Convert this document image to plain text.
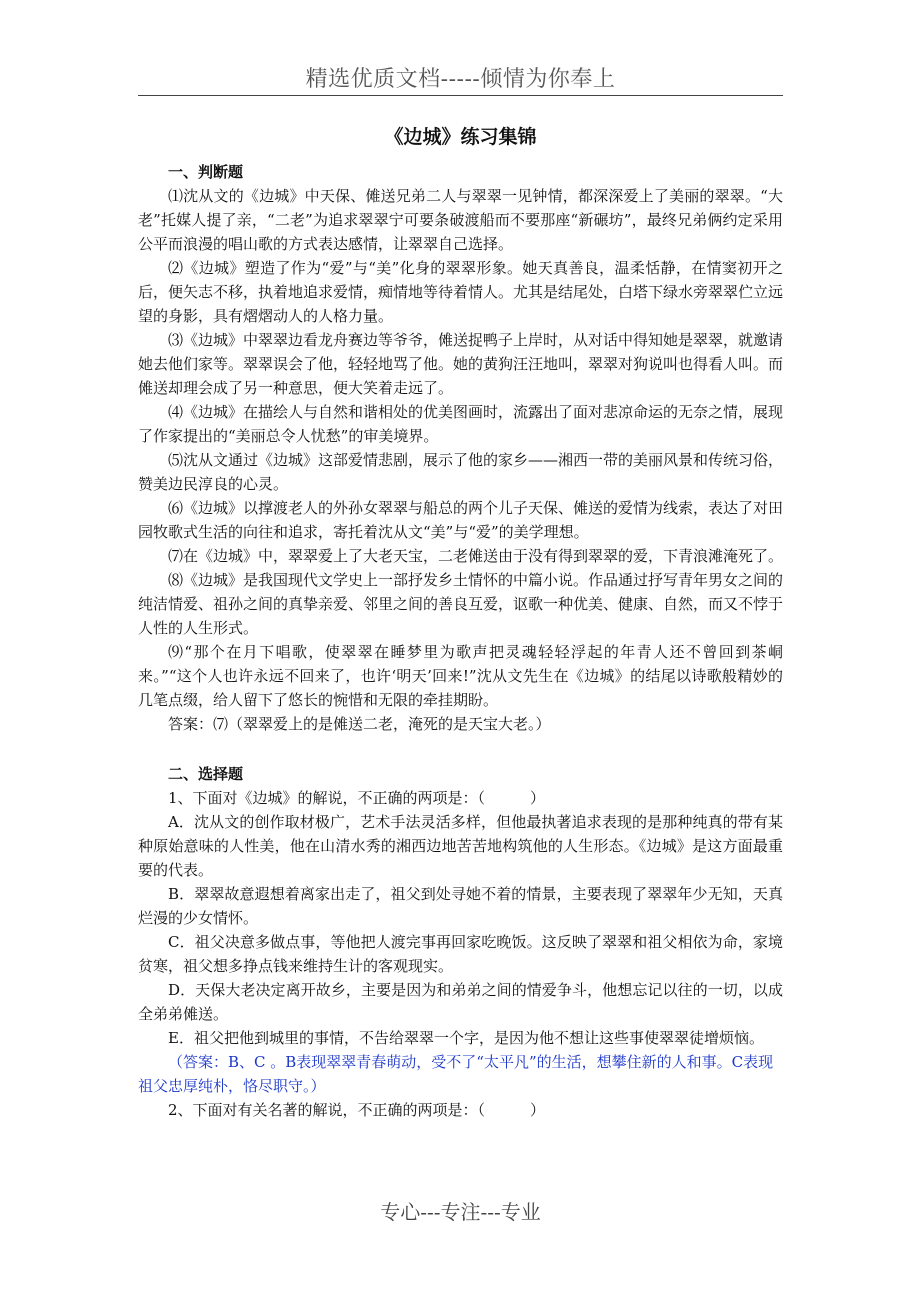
精选优质文档-----倾情为你奉上
《边城》练习集锦

一、判断题

⑴沈从文的《边城》中天保、傩送兄弟二人与翠翠一见钟情，都深深爱上了美丽的翠翠。“大老”托媒人提了亲，“二老”为追求翠翠宁可要条破渡船而不要那座“新碾坊”，最终兄弟俩约定采用公平而浪漫的唱山歌的方式表达感情，让翠翠自己选择。

⑵《边城》塑造了作为“爱”与“美”化身的翠翠形象。她天真善良，温柔恬静，在情窦初开之后，便矢志不移，执着地追求爱情，痴情地等待着情人。尤其是结尾处，白塔下绿水旁翠翠伫立远望的身影，具有熠熠动人的人格力量。

⑶《边城》中翠翠边看龙舟赛边等爷爷，傩送捉鸭子上岸时，从对话中得知她是翠翠，就邀请她去他们家等。翠翠误会了他，轻轻地骂了他。她的黄狗汪汪地叫，翠翠对狗说叫也得看人叫。而傩送却理会成了另一种意思，便大笑着走远了。

⑷《边城》在描绘人与自然和谐相处的优美图画时，流露出了面对悲凉命运的无奈之情，展现了作家提出的“美丽总令人忧愁”的审美境界。

⑸沈从文通过《边城》这部爱情悲剧，展示了他的家乡——湘西一带的美丽风景和传统习俗，赞美边民淳良的心灵。

⑹《边城》以撑渡老人的外孙女翠翠与船总的两个儿子天保、傩送的爱情为线索，表达了对田园牧歌式生活的向往和追求，寄托着沈从文“美”与“爱”的美学理想。

⑺在《边城》中，翠翠爱上了大老天宝，二老傩送由于没有得到翠翠的爱，下青浪滩淹死了。

⑻《边城》是我国现代文学史上一部抒发乡土情怀的中篇小说。作品通过抒写青年男女之间的纯洁情爱、祖孙之间的真挚亲爱、邻里之间的善良互爱，讴歌一种优美、健康、自然，而又不悖于人性的人生形式。

⑼“那个在月下唱歌，使翠翠在睡梦里为歌声把灵魂轻轻浮起的年青人还不曾回到茶峒来。”“这个人也许永远不回来了，也许‘明天’回来!”沈从文先生在《边城》的结尾以诗歌般精妙的几笔点缀，给人留下了悠长的惋惜和无限的牵挂期盼。

答案：⑺（翠翠爱上的是傩送二老，淹死的是天宝大老。）

二、选择题

1、下面对《边城》的解说，不正确的两项是：（　　　）

A．沈从文的创作取材极广，艺术手法灵活多样，但他最执著追求表现的是那种纯真的带有某种原始意味的人性美，他在山清水秀的湘西边地苦苦地构筑他的人生形态。《边城》是这方面最重要的代表。

B．翠翠故意遐想着离家出走了，祖父到处寻她不着的情景，主要表现了翠翠年少无知，天真烂漫的少女情怀。

C．祖父决意多做点事，等他把人渡完事再回家吃晚饭。这反映了翠翠和祖父相依为命，家境贫寒，祖父想多挣点钱来维持生计的客观现实。

D．天保大老决定离开故乡，主要是因为和弟弟之间的情爱争斗，他想忘记以往的一切，以成全弟弟傩送。

E．祖父把他到城里的事情，不告给翠翠一个字，是因为他不想让这些事使翠翠徒增烦恼。

（答案：B、C 。B表现翠翠青春萌动，受不了“太平凡”的生活，想攀住新的人和事。C表现祖父忠厚纯朴，恪尽职守。）

2、下面对有关名著的解说，不正确的两项是：（　　　）

专心---专注---专业
